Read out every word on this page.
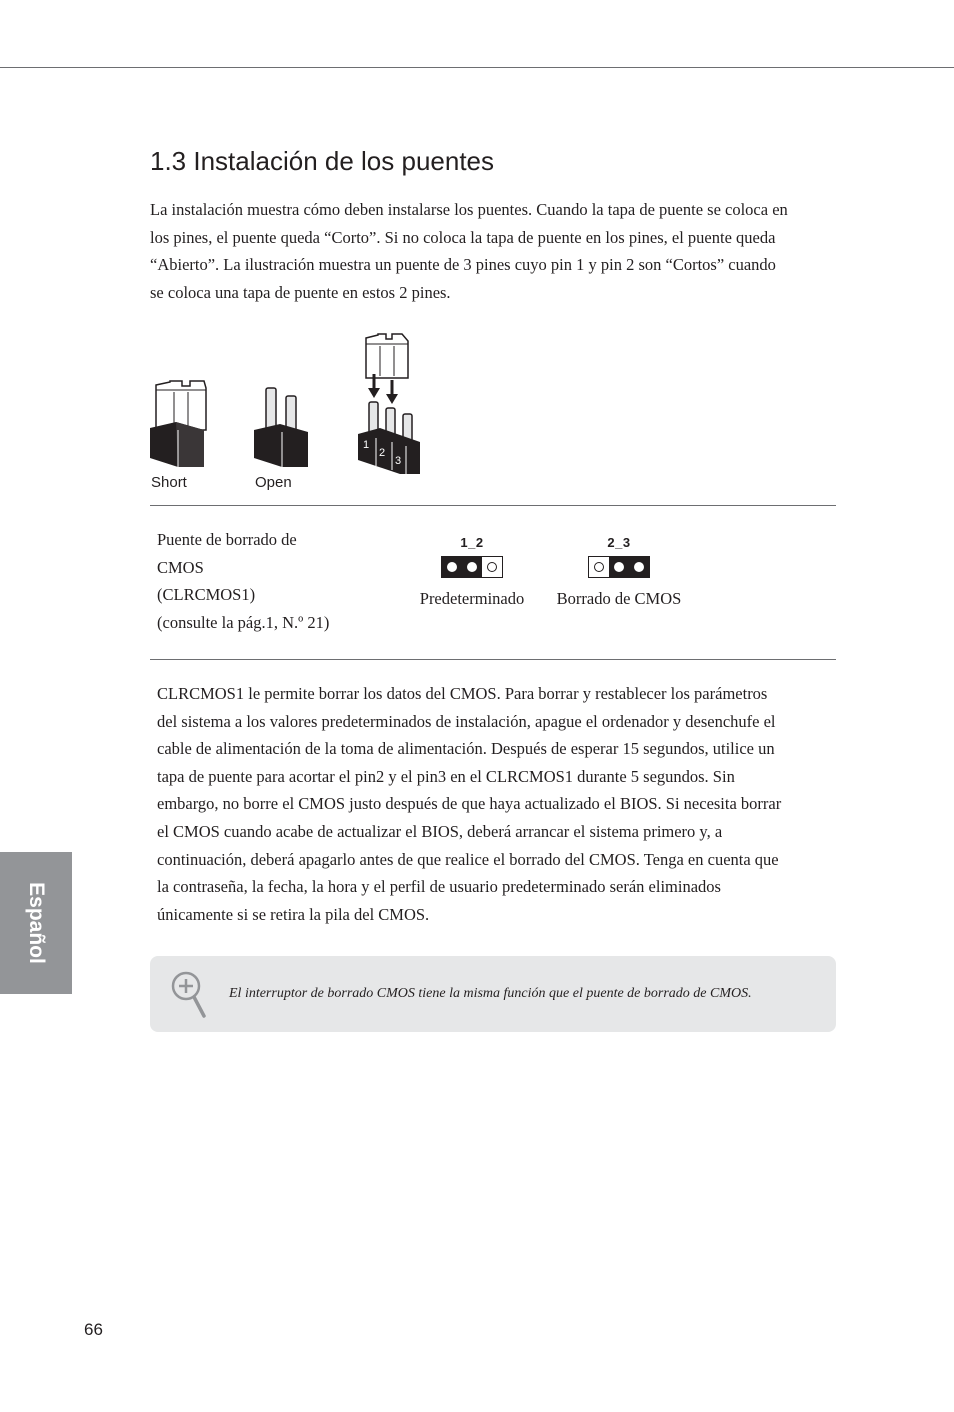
1.3 Instalación de los puentes

La instalación muestra cómo deben instalarse los puentes. Cuando la tapa de puente se coloca en los pines, el puente queda “Corto”. Si no coloca la tapa de puente en los pines, el puente queda “Abierto”. La ilustración muestra un puente de 3 pines cuyo pin 1 y pin 2 son “Cortos” cuando se coloca una tapa de puente en estos 2 pines.

Short	Open
1
2
3

Puente de borrado de
CMOS
(CLRCMOS1)
(consulte la pág.1, N.º 21)

1_2
Predeterminado
2_3
Borrado de CMOS

CLRCMOS1 le permite borrar los datos del CMOS. Para borrar y restablecer los parámetros del sistema a los valores predeterminados de instalación, apague el ordenador y desenchufe el cable de alimentación de la toma de alimentación. Después de esperar 15 segundos, utilice un tapa de puente para acortar el pin2 y el pin3 en el CLRCMOS1 durante 5 segundos. Sin embargo, no borre el CMOS justo después de que haya actualizado el BIOS. Si necesita borrar el CMOS cuando acabe de actualizar el BIOS, deberá arrancar el sistema primero y, a continuación, deberá apagarlo antes de que realice el borrado del CMOS. Tenga en cuenta que la contraseña, la fecha, la hora y el perfil de usuario predeterminado serán eliminados únicamente si se retira la pila del CMOS.

El interruptor de borrado CMOS tiene la misma función que el puente de borrado de CMOS.

Español
66
